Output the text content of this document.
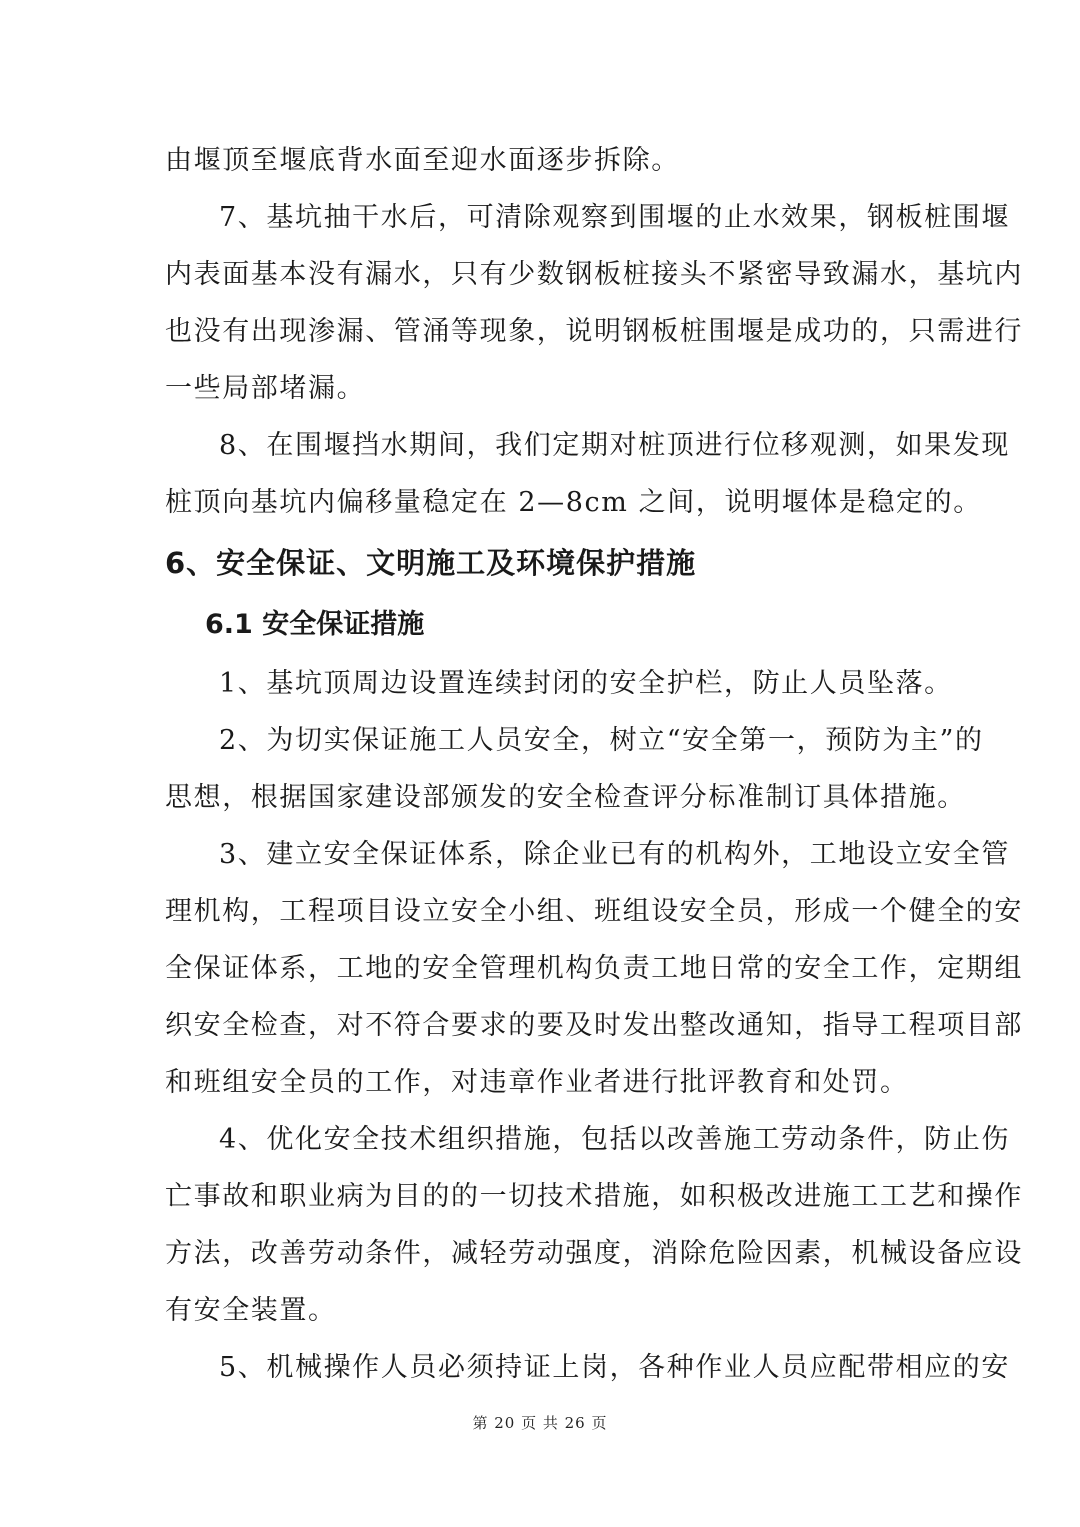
由堰顶至堰底背水面至迎水面逐步拆除。
7、基坑抽干水后，可清除观察到围堰的止水效果，钢板桩围堰
内表面基本没有漏水，只有少数钢板桩接头不紧密导致漏水，基坑内
也没有出现渗漏、管涌等现象，说明钢板桩围堰是成功的，只需进行
一些局部堵漏。
8、在围堰挡水期间，我们定期对桩顶进行位移观测，如果发现
桩顶向基坑内偏移量稳定在 2—8cm 之间，说明堰体是稳定的。
6、安全保证、文明施工及环境保护措施
6.1 安全保证措施
1、基坑顶周边设置连续封闭的安全护栏，防止人员坠落。
2、为切实保证施工人员安全，树立“安全第一，预防为主”的
思想，根据国家建设部颁发的安全检查评分标准制订具体措施。
3、建立安全保证体系，除企业已有的机构外，工地设立安全管
理机构，工程项目设立安全小组、班组设安全员，形成一个健全的安
全保证体系，工地的安全管理机构负责工地日常的安全工作，定期组
织安全检查，对不符合要求的要及时发出整改通知，指导工程项目部
和班组安全员的工作，对违章作业者进行批评教育和处罚。
4、优化安全技术组织措施，包括以改善施工劳动条件，防止伤
亡事故和职业病为目的的一切技术措施，如积极改进施工工艺和操作
方法，改善劳动条件，减轻劳动强度，消除危险因素，机械设备应设
有安全装置。
5、机械操作人员必须持证上岗，各种作业人员应配带相应的安
第 20 页 共 26 页
